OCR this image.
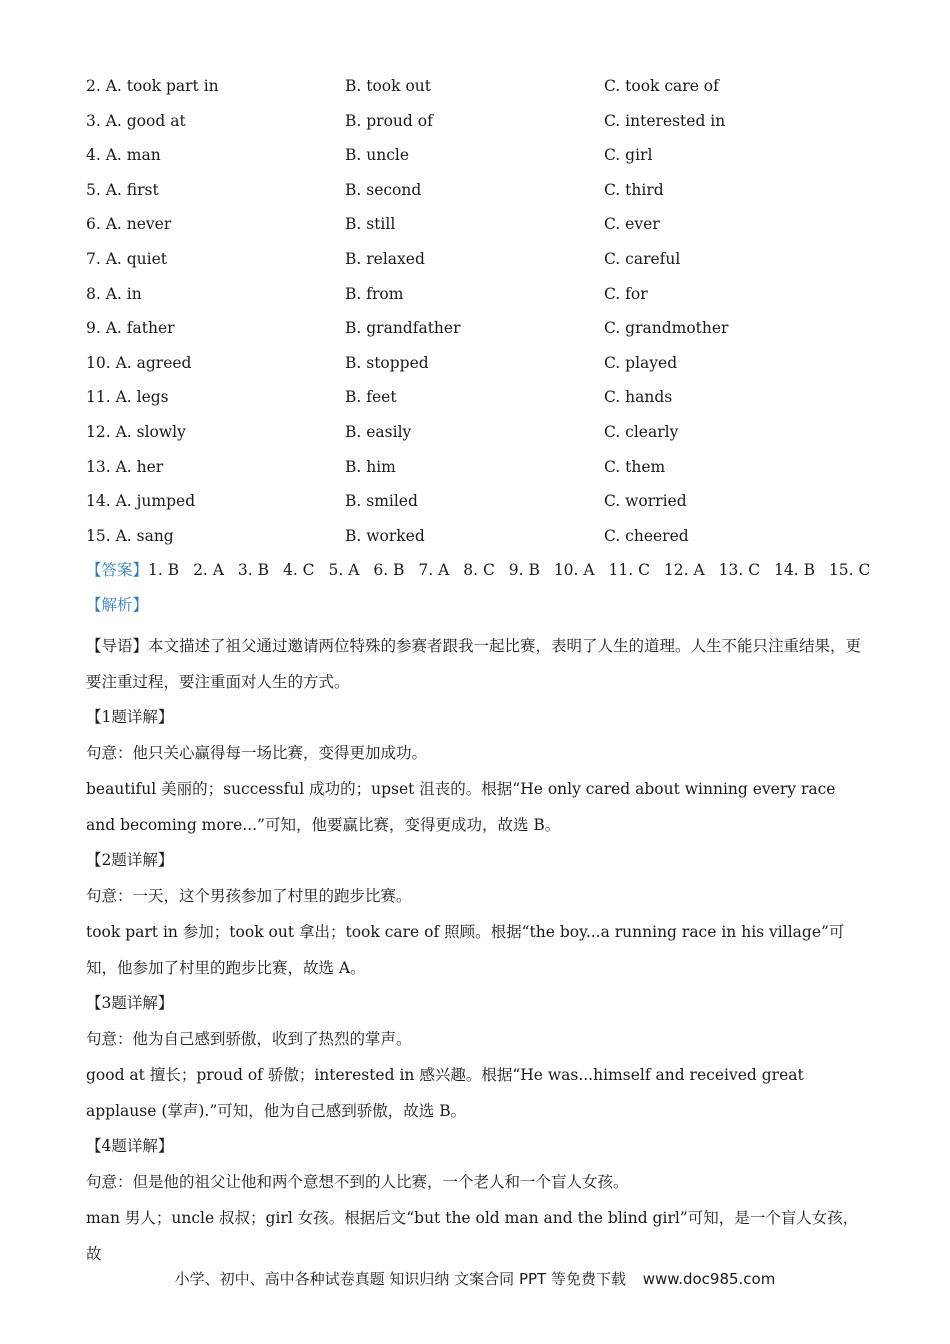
2. A. took part in	B. took out	C. took care of
3. A. good at	B. proud of	C. interested in
4. A. man	B. uncle	C. girl
5. A. first	B. second	C. third
6. A. never	B. still	C. ever
7. A. quiet	B. relaxed	C. careful
8. A. in	B. from	C. for
9. A. father	B. grandfather	C. grandmother
10. A. agreed	B. stopped	C. played
11. A. legs	B. feet	C. hands
12. A. slowly	B. easily	C. clearly
13. A. her	B. him	C. them
14. A. jumped	B. smiled	C. worried
15. A. sang	B. worked	C. cheered
【答案】1. B 2. A 3. B 4. C 5. A 6. B 7. A 8. C 9. B 10. A 11. C 12. A 13. C 14. B 15. C
【解析】

【导语】本文描述了祖父通过邀请两位特殊的参赛者跟我一起比赛，表明了人生的道理。人生不能只注重结果，更要注重过程，要注重面对人生的方式。

【1题详解】

句意：他只关心赢得每一场比赛，变得更加成功。

beautiful 美丽的；successful 成功的；upset 沮丧的。根据“He only cared about winning every race and becoming more...”可知，他要赢比赛，变得更成功，故选 B。

【2题详解】

句意：一天，这个男孩参加了村里的跑步比赛。

took part in 参加；took out 拿出；took care of 照顾。根据“the boy...a running race in his village”可知，他参加了村里的跑步比赛，故选 A。

【3题详解】

句意：他为自己感到骄傲，收到了热烈的掌声。

good at 擅长；proud of 骄傲；interested in 感兴趣。根据“He was...himself and received great applause (掌声).”可知，他为自己感到骄傲，故选 B。

【4题详解】

句意：但是他的祖父让他和两个意想不到的人比赛，一个老人和一个盲人女孩。

man 男人；uncle 叔叔；girl 女孩。根据后文“but the old man and the blind girl”可知，是一个盲人女孩，故

小学、初中、高中各种试卷真题 知识归纳 文案合同 PPT 等免费下载 www.doc985.com
